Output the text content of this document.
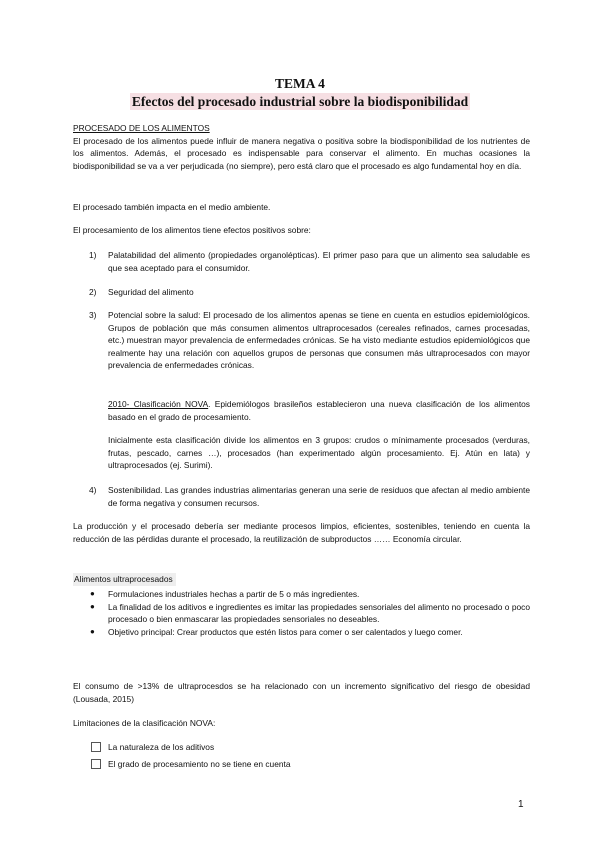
TEMA 4
Efectos del procesado industrial sobre la biodisponibilidad

PROCESADO DE LOS ALIMENTOS

El procesado de los alimentos puede influir de manera negativa o positiva sobre la biodisponibilidad de los nutrientes de los alimentos. Además, el procesado es indispensable para conservar el alimento. En muchas ocasiones la biodisponibilidad se va a ver perjudicada (no siempre), pero está claro que el procesado es algo fundamental hoy en día.

El procesado también impacta en el medio ambiente.
El procesamiento de los alimentos tiene efectos positivos sobre:
1) Palatabilidad del alimento (propiedades organolépticas). El primer paso para que un alimento sea saludable es que sea aceptado para el consumidor.
2) Seguridad del alimento
3) Potencial sobre la salud: El procesado de los alimentos apenas se tiene en cuenta en estudios epidemiológicos. Grupos de población que más consumen alimentos ultraprocesados (cereales refinados, carnes procesadas, etc.) muestran mayor prevalencia de enfermedades crónicas. Se ha visto mediante estudios epidemiológicos que realmente hay una relación con aquellos grupos de personas que consumen más ultraprocesados con mayor prevalencia de enfermedades crónicas.
2010- Clasificación NOVA. Epidemiólogos brasileños establecieron una nueva clasificación de los alimentos basado en el grado de procesamiento.
Inicialmente esta clasificación divide los alimentos en 3 grupos: crudos o mínimamente procesados (verduras, frutas, pescado, carnes …), procesados (han experimentado algún procesamiento. Ej. Atún en lata) y ultraprocesados (ej. Surimi).
4) Sostenibilidad. Las grandes industrias alimentarias generan una serie de residuos que afectan al medio ambiente de forma negativa y consumen recursos.
La producción y el procesado debería ser mediante procesos limpios, eficientes, sostenibles, teniendo en cuenta la reducción de las pérdidas durante el procesado, la reutilización de subproductos …… Economía circular.
Alimentos ultraprocesados
● Formulaciones industriales hechas a partir de 5 o más ingredientes.
● La finalidad de los aditivos e ingredientes es imitar las propiedades sensoriales del alimento no procesado o poco procesado o bien enmascarar las propiedades sensoriales no deseables.
● Objetivo principal: Crear productos que estén listos para comer o ser calentados y luego comer.
El consumo de >13% de ultraprocesdos se ha relacionado con un incremento significativo del riesgo de obesidad (Lousada, 2015)
Limitaciones de la clasificación NOVA:
La naturaleza de los aditivos
El grado de procesamiento no se tiene en cuenta
1
